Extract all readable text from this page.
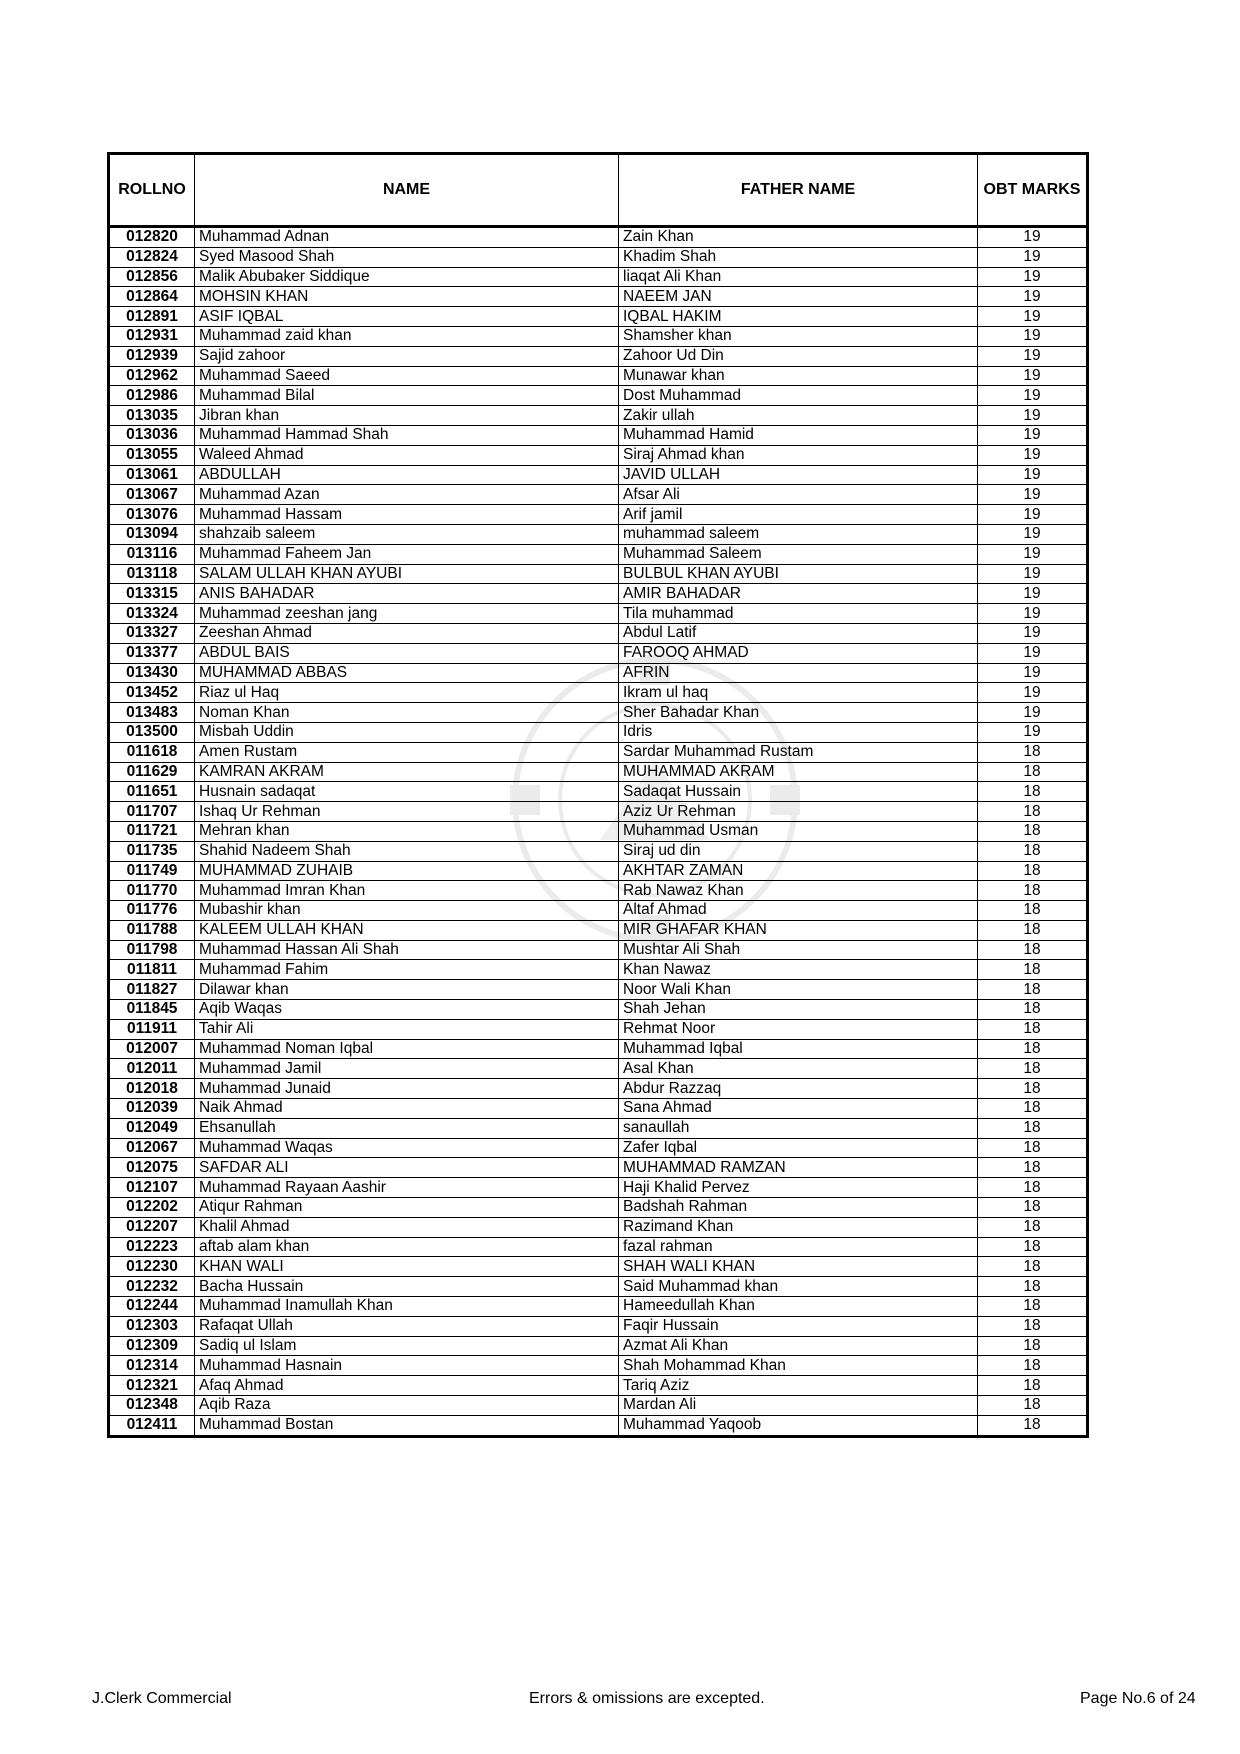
ROLLNO	NAME	FATHER NAME	OBT MARKS
012820	Muhammad Adnan	Zain Khan	19
012824	Syed Masood Shah	Khadim Shah	19
012856	Malik Abubaker Siddique	liaqat Ali Khan	19
012864	MOHSIN KHAN	NAEEM JAN	19
012891	ASIF IQBAL	IQBAL HAKIM	19
012931	Muhammad zaid khan	Shamsher khan	19
012939	Sajid zahoor	Zahoor Ud Din	19
012962	Muhammad Saeed	Munawar khan	19
012986	Muhammad Bilal	Dost Muhammad	19
013035	Jibran khan	Zakir ullah	19
013036	Muhammad Hammad Shah	Muhammad Hamid	19
013055	Waleed Ahmad	Siraj Ahmad khan	19
013061	ABDULLAH	JAVID ULLAH	19
013067	Muhammad Azan	Afsar Ali	19
013076	Muhammad Hassam	Arif jamil	19
013094	shahzaib saleem	muhammad saleem	19
013116	Muhammad Faheem Jan	Muhammad Saleem	19
013118	SALAM ULLAH KHAN AYUBI	BULBUL KHAN AYUBI	19
013315	ANIS BAHADAR	AMIR BAHADAR	19
013324	Muhammad zeeshan jang	Tila muhammad	19
013327	Zeeshan Ahmad	Abdul Latif	19
013377	ABDUL BAIS	FAROOQ AHMAD	19
013430	MUHAMMAD ABBAS	AFRIN	19
013452	Riaz ul Haq	Ikram ul haq	19
013483	Noman Khan	Sher Bahadar Khan	19
013500	Misbah Uddin	Idris	19
011618	Amen Rustam	Sardar Muhammad Rustam	18
011629	KAMRAN AKRAM	MUHAMMAD AKRAM	18
011651	Husnain sadaqat	Sadaqat Hussain	18
011707	Ishaq Ur Rehman	Aziz Ur Rehman	18
011721	Mehran khan	Muhammad Usman	18
011735	Shahid Nadeem Shah	Siraj ud din	18
011749	MUHAMMAD ZUHAIB	AKHTAR ZAMAN	18
011770	Muhammad Imran Khan	Rab Nawaz Khan	18
011776	Mubashir khan	Altaf Ahmad	18
011788	KALEEM ULLAH KHAN	MIR GHAFAR KHAN	18
011798	Muhammad Hassan Ali Shah	Mushtar Ali Shah	18
011811	Muhammad Fahim	Khan Nawaz	18
011827	Dilawar khan	Noor Wali Khan	18
011845	Aqib Waqas	Shah Jehan	18
011911	Tahir Ali	Rehmat Noor	18
012007	Muhammad Noman Iqbal	Muhammad Iqbal	18
012011	Muhammad Jamil	Asal Khan	18
012018	Muhammad Junaid	Abdur Razzaq	18
012039	Naik Ahmad	Sana Ahmad	18
012049	Ehsanullah	sanaullah	18
012067	Muhammad Waqas	Zafer Iqbal	18
012075	SAFDAR ALI	MUHAMMAD RAMZAN	18
012107	Muhammad Rayaan Aashir	Haji Khalid Pervez	18
012202	Atiqur Rahman	Badshah Rahman	18
012207	Khalil Ahmad	Razimand Khan	18
012223	aftab alam khan	fazal rahman	18
012230	KHAN WALI	SHAH WALI KHAN	18
012232	Bacha Hussain	Said Muhammad khan	18
012244	Muhammad Inamullah Khan	Hameedullah Khan	18
012303	Rafaqat Ullah	Faqir Hussain	18
012309	Sadiq ul Islam	Azmat Ali Khan	18
012314	Muhammad Hasnain	Shah Mohammad Khan	18
012321	Afaq Ahmad	Tariq Aziz	18
012348	Aqib Raza	Mardan Ali	18
012411	Muhammad Bostan	Muhammad Yaqoob	18
J.Clerk Commercial	Errors & omissions are excepted.	Page No.6 of 24
